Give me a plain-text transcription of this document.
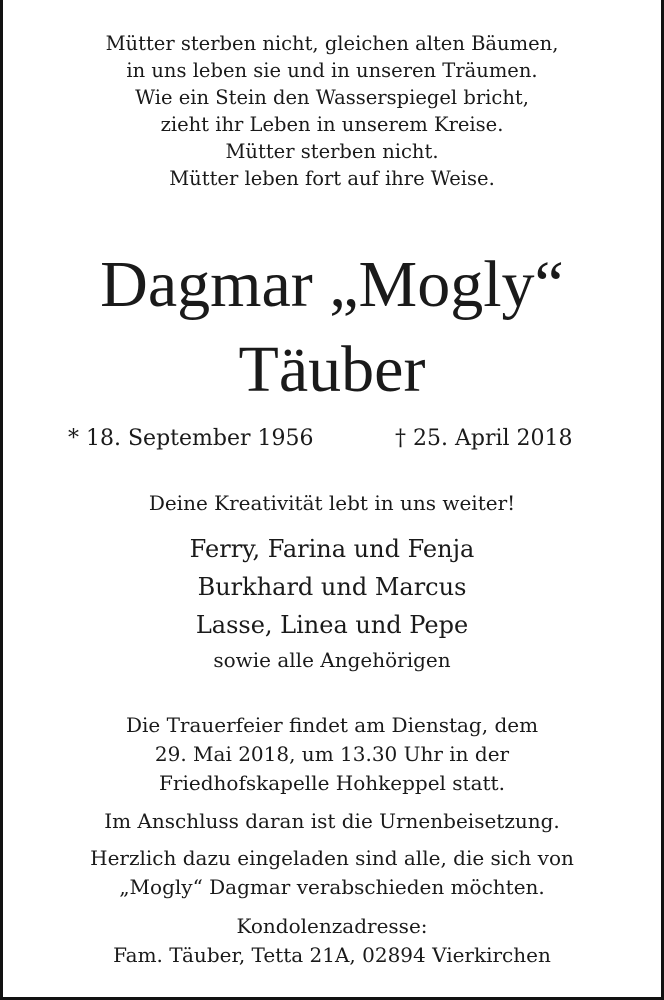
Mütter sterben nicht, gleichen alten Bäumen,
in uns leben sie und in unseren Träumen.
Wie ein Stein den Wasserspiegel bricht,
zieht ihr Leben in unserem Kreise.
Mütter sterben nicht.
Mütter leben fort auf ihre Weise.
Dagmar „Mogly“
Täuber
* 18. September 1956	† 25. April 2018
Deine Kreativität lebt in uns weiter!
Ferry, Farina und Fenja
Burkhard und Marcus
Lasse, Linea und Pepe
sowie alle Angehörigen
Die Trauerfeier findet am Dienstag, dem
29. Mai 2018, um 13.30 Uhr in der
Friedhofskapelle Hohkeppel statt.
Im Anschluss daran ist die Urnenbeisetzung.
Herzlich dazu eingeladen sind alle, die sich von
„Mogly“ Dagmar verabschieden möchten.
Kondolenzadresse:
Fam. Täuber, Tetta 21A, 02894 Vierkirchen
